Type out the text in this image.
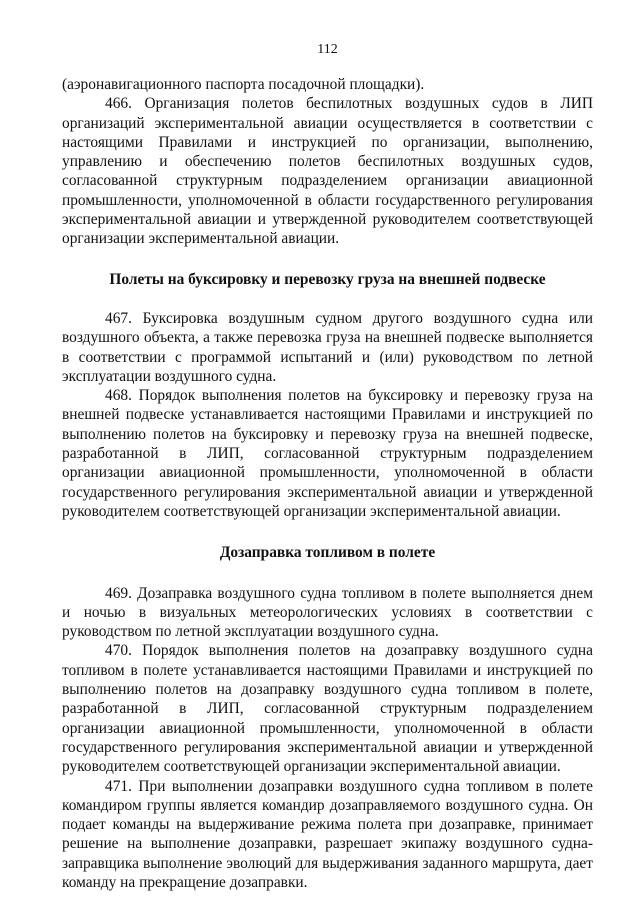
112

(аэронавигационного паспорта посадочной площадки).

466. Организация полетов беспилотных воздушных судов в ЛИП организаций экспериментальной авиации осуществляется в соответствии с настоящими Правилами и инструкцией по организации, выполнению, управлению и обеспечению полетов беспилотных воздушных судов, согласованной структурным подразделением организации авиационной промышленности, уполномоченной в области государственного регулирования экспериментальной авиации и утвержденной руководителем соответствующей организации экспериментальной авиации.

Полеты на буксировку и перевозку груза на внешней подвеске

467. Буксировка воздушным судном другого воздушного судна или воздушного объекта, а также перевозка груза на внешней подвеске выполняется в соответствии с программой испытаний и (или) руководством по летной эксплуатации воздушного судна.

468. Порядок выполнения полетов на буксировку и перевозку груза на внешней подвеске устанавливается настоящими Правилами и инструкцией по выполнению полетов на буксировку и перевозку груза на внешней подвеске, разработанной в ЛИП, согласованной структурным подразделением организации авиационной промышленности, уполномоченной в области государственного регулирования экспериментальной авиации и утвержденной руководителем соответствующей организации экспериментальной авиации.

Дозаправка топливом в полете

469. Дозаправка воздушного судна топливом в полете выполняется днем и ночью в визуальных метеорологических условиях в соответствии с руководством по летной эксплуатации воздушного судна.

470. Порядок выполнения полетов на дозаправку воздушного судна топливом в полете устанавливается настоящими Правилами и инструкцией по выполнению полетов на дозаправку воздушного судна топливом в полете, разработанной в ЛИП, согласованной структурным подразделением организации авиационной промышленности, уполномоченной в области государственного регулирования экспериментальной авиации и утвержденной руководителем соответствующей организации экспериментальной авиации.

471. При выполнении дозаправки воздушного судна топливом в полете командиром группы является командир дозаправляемого воздушного судна. Он подает команды на выдерживание режима полета при дозаправке, принимает решение на выполнение дозаправки, разрешает экипажу воздушного судна-заправщика выполнение эволюций для выдерживания заданного маршрута, дает команду на прекращение дозаправки.
